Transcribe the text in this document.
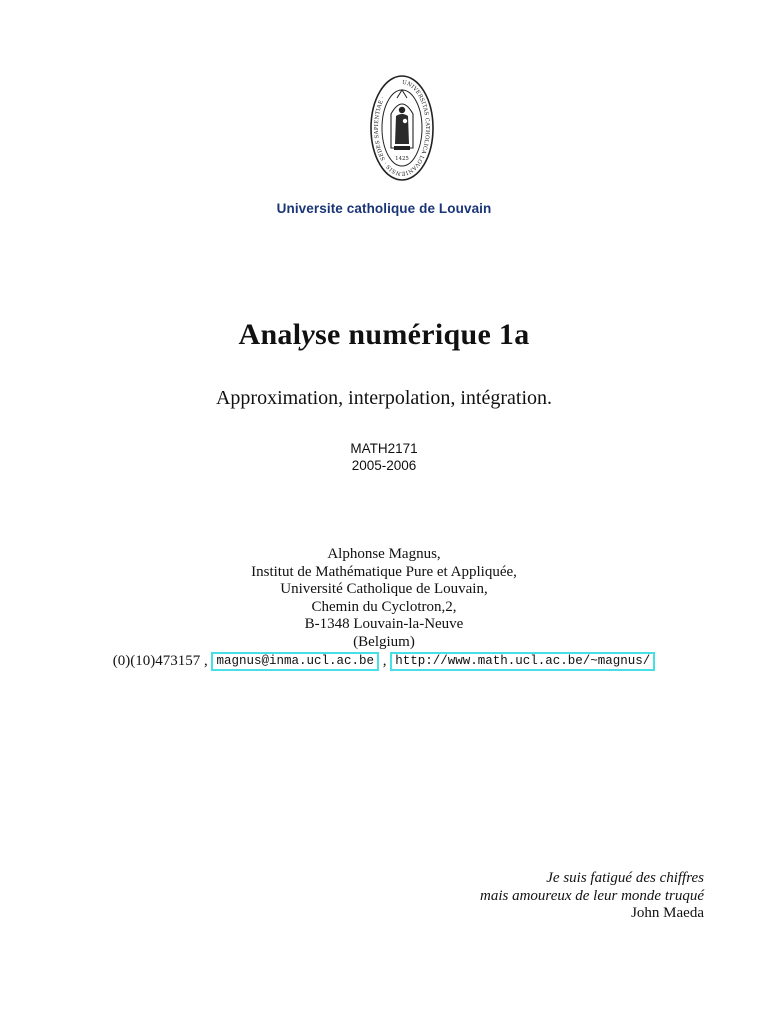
UNIVERSITAS CATHOLICA LOVANIENSIS · SEDES SAPIENTIAE ·
1425
Universite catholique de Louvain
Analyse numérique 1a
Approximation, interpolation, intégration.
MATH2171
2005-2006
Alphonse Magnus,
Institut de Mathématique Pure et Appliquée,
Université Catholique de Louvain,
Chemin du Cyclotron,2,
B-1348 Louvain-la-Neuve
(Belgium)
(0)(10)473157 , magnus@inma.ucl.ac.be , http://www.math.ucl.ac.be/~magnus/
Je suis fatigué des chiffres
mais amoureux de leur monde truqué
John Maeda
